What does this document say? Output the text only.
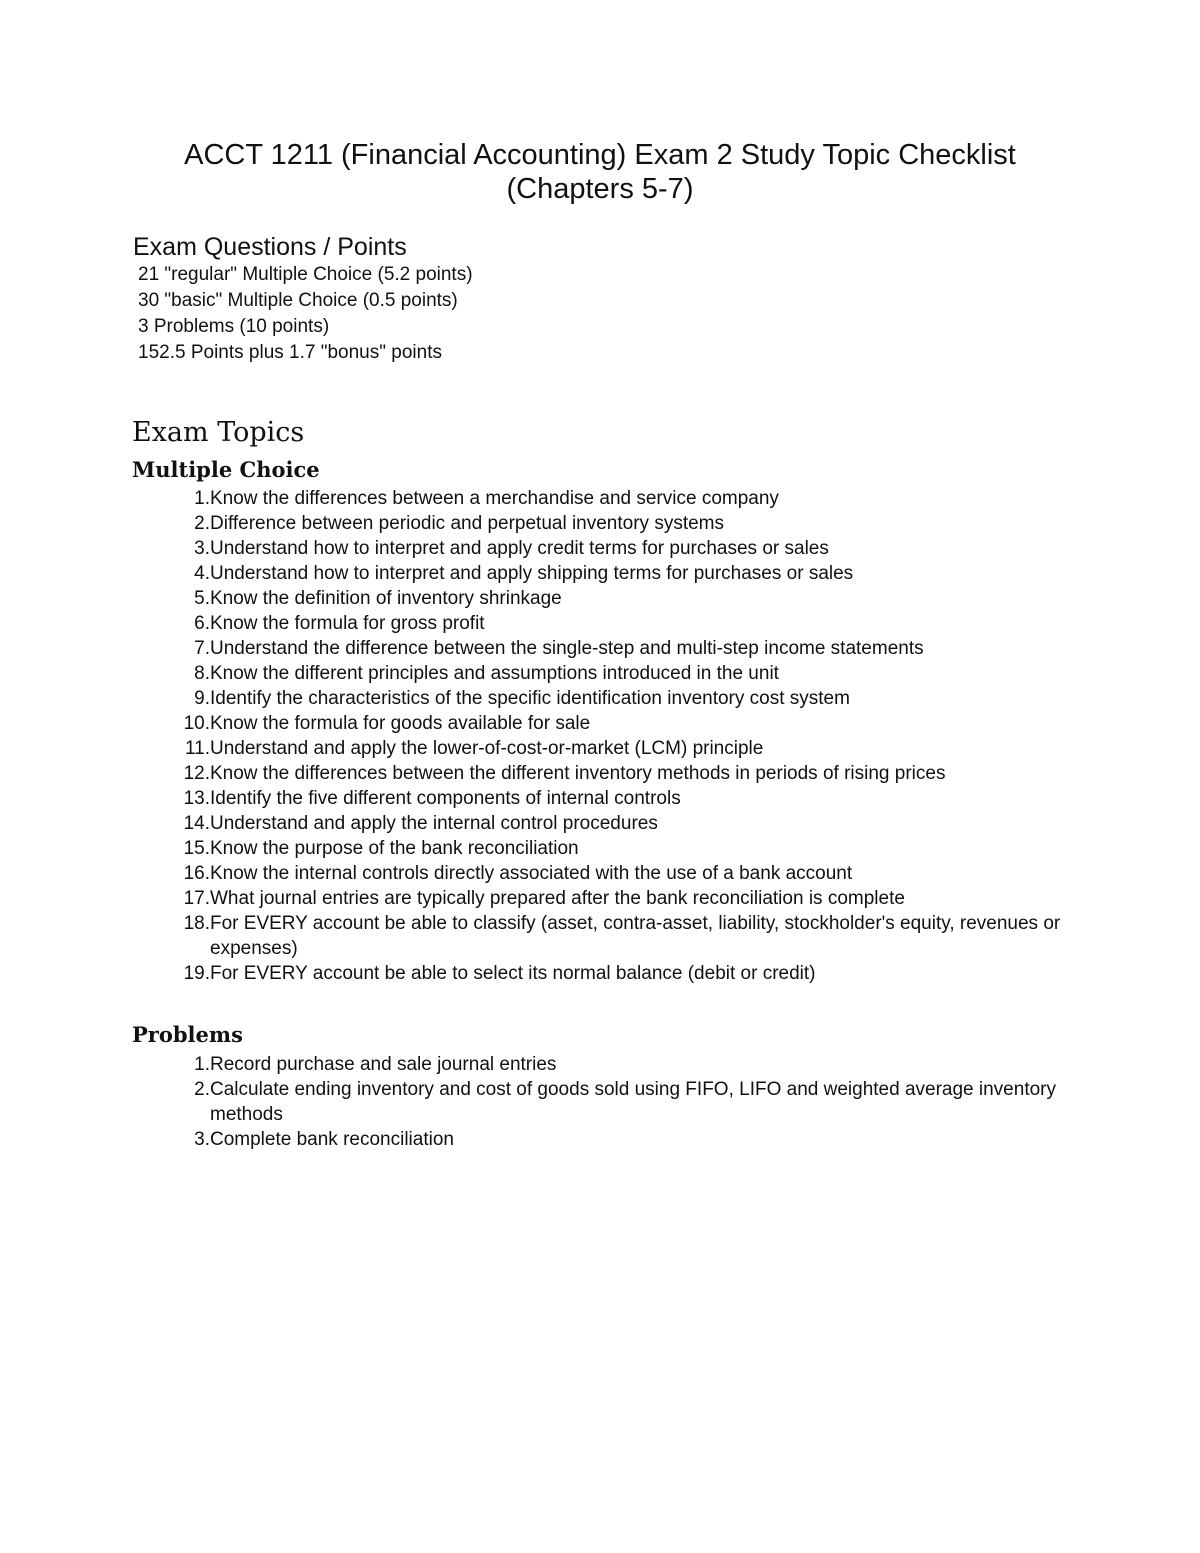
ACCT 1211 (Financial Accounting) Exam 2 Study Topic Checklist
(Chapters 5-7)
Exam Questions / Points
21 "regular" Multiple Choice (5.2 points)
30 "basic" Multiple Choice (0.5 points)
3 Problems (10 points)
152.5 Points plus 1.7 "bonus" points
Exam Topics
Multiple Choice
1. Know the differences between a merchandise and service company
2. Difference between periodic and perpetual inventory systems
3. Understand how to interpret and apply credit terms for purchases or sales
4. Understand how to interpret and apply shipping terms for purchases or sales
5. Know the definition of inventory shrinkage
6. Know the formula for gross profit
7. Understand the difference between the single-step and multi-step income statements
8. Know the different principles and assumptions introduced in the unit
9. Identify the characteristics of the specific identification inventory cost system
10. Know the formula for goods available for sale
11. Understand and apply the lower-of-cost-or-market (LCM) principle
12. Know the differences between the different inventory methods in periods of rising prices
13. Identify the five different components of internal controls
14. Understand and apply the internal control procedures
15. Know the purpose of the bank reconciliation
16. Know the internal controls directly associated with the use of a bank account
17. What journal entries are typically prepared after the bank reconciliation is complete
18. For EVERY account be able to classify (asset, contra-asset, liability, stockholder's equity, revenues or expenses)
19. For EVERY account be able to select its normal balance (debit or credit)
Problems
1. Record purchase and sale journal entries
2. Calculate ending inventory and cost of goods sold using FIFO, LIFO and weighted average inventory methods
3. Complete bank reconciliation
